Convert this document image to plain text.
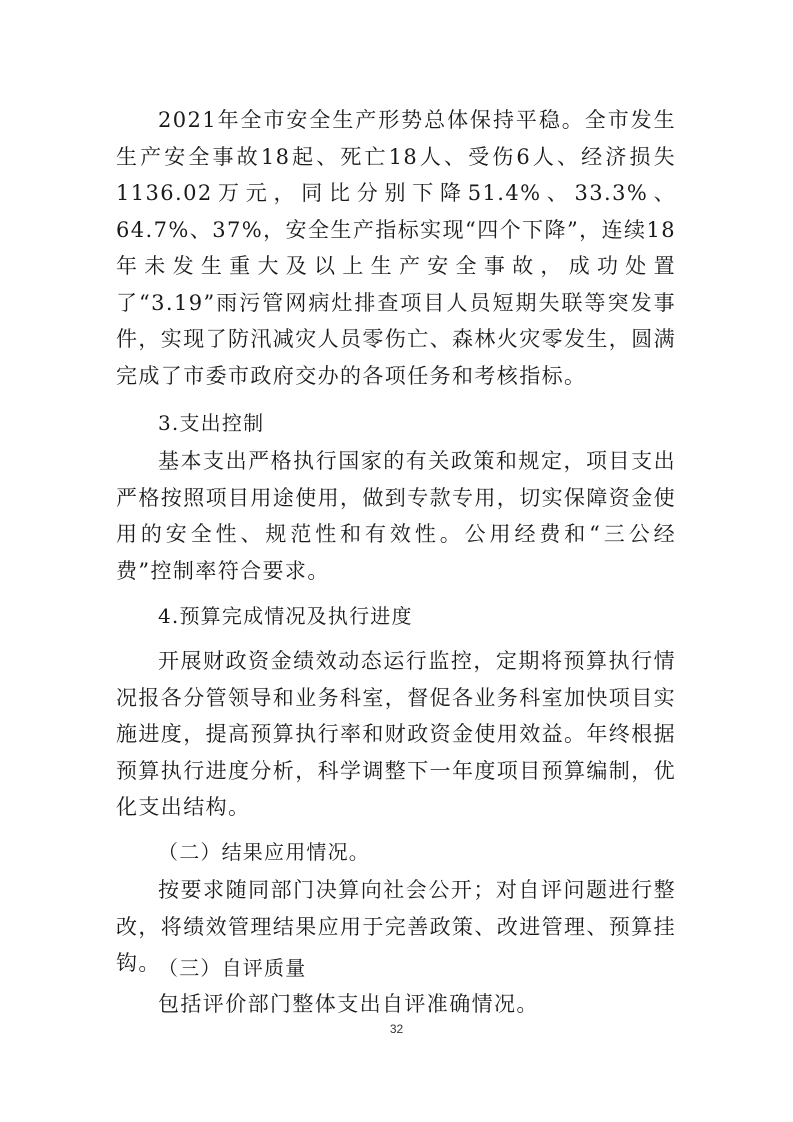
2021年全市安全生产形势总体保持平稳。全市发生生产安全事故18起、死亡18人、受伤6人、经济损失1136.02万元，同比分别下降51.4%、33.3%、64.7%、37%，安全生产指标实现“四个下降”，连续18年未发生重大及以上生产安全事故，成功处置了“3.19”雨污管网病灶排查项目人员短期失联等突发事件，实现了防汛减灾人员零伤亡、森林火灾零发生，圆满完成了市委市政府交办的各项任务和考核指标。

3.支出控制

基本支出严格执行国家的有关政策和规定，项目支出严格按照项目用途使用，做到专款专用，切实保障资金使用的安全性、规范性和有效性。公用经费和“三公经费”控制率符合要求。

4.预算完成情况及执行进度

开展财政资金绩效动态运行监控，定期将预算执行情况报各分管领导和业务科室，督促各业务科室加快项目实施进度，提高预算执行率和财政资金使用效益。年终根据预算执行进度分析，科学调整下一年度项目预算编制，优化支出结构。

（二）结果应用情况。

按要求随同部门决算向社会公开；对自评问题进行整改，将绩效管理结果应用于完善政策、改进管理、预算挂钩。

（三）自评质量

包括评价部门整体支出自评准确情况。

32
